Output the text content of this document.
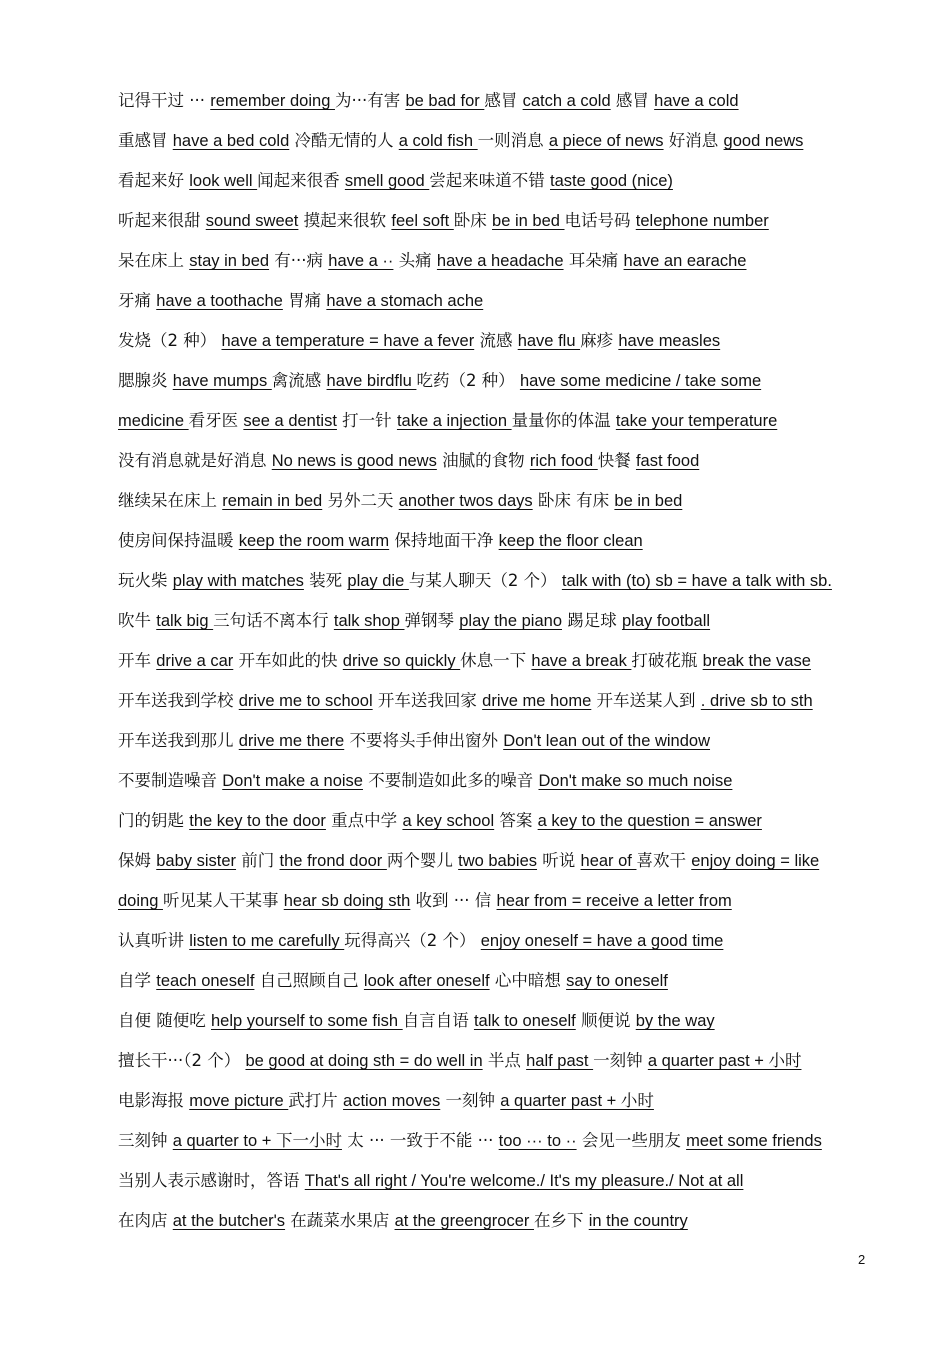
记得干过 ··· remember doing 为···有害 be bad for 感冒 catch a cold 感冒 have a cold
重感冒 have a bed cold 冷酷无情的人 a cold fish 一则消息 a piece of news 好消息 good news
看起来好 look well 闻起来很香 smell good 尝起来味道不错 taste good (nice)
听起来很甜 sound sweet 摸起来很软 feel soft 卧床 be in bed 电话号码 telephone number
呆在床上 stay in bed 有···病 have a ·· 头痛 have a headache 耳朵痛 have an earache
牙痛 have a toothache 胃痛 have a stomach ache
发烧（2 种） have a temperature = have a fever 流感 have flu 麻疹 have measles
腮腺炎 have mumps 禽流感 have birdflu 吃药（2 种） have some medicine / take some
medicine 看牙医 see a dentist 打一针 take a injection 量量你的体温 take your temperature
没有消息就是好消息 No news is good news 油腻的食物 rich food 快餐 fast food
继续呆在床上 remain in bed 另外二天 another twos days 卧床 有床 be in bed
使房间保持温暖 keep the room warm 保持地面干净 keep the floor clean
玩火柴 play with matches 装死 play die 与某人聊天（2 个） talk with (to) sb = have a talk with sb.
吹牛 talk big 三句话不离本行 talk shop 弹钢琴 play the piano 踢足球 play football
开车 drive a car 开车如此的快 drive so quickly 休息一下 have a break 打破花瓶 break the vase
开车送我到学校 drive me to school 开车送我回家 drive me home 开车送某人到 . drive sb to sth
开车送我到那儿 drive me there 不要将头手伸出窗外 Don't lean out of the window
不要制造噪音 Don't make a noise 不要制造如此多的噪音 Don't make so much noise
门的钥匙 the key to the door 重点中学 a key school 答案 a key to the question = answer
保姆 baby sister 前门 the frond door 两个婴儿 two babies 听说 hear of 喜欢干 enjoy doing = like
doing 听见某人干某事 hear sb doing sth 收到 ··· 信 hear from = receive a letter from
认真听讲 listen to me carefully 玩得高兴（2 个） enjoy oneself = have a good time
自学 teach oneself 自己照顾自己 look after oneself 心中暗想 say to oneself
自便 随便吃 help yourself to some fish 自言自语 talk to oneself 顺便说 by the way
擅长干···（2 个） be good at doing sth = do well in 半点 half past 一刻钟 a quarter past + 小时
电影海报 move picture 武打片 action moves 一刻钟 a quarter past + 小时
三刻钟 a quarter to + 下一小时 太 ··· 一致于不能 ··· too ··· to ·· 会见一些朋友 meet some friends
当别人表示感谢时，答语 That's all right / You're welcome./ It's my pleasure./ Not at all
在肉店 at the butcher's 在蔬菜水果店 at the greengrocer 在乡下 in the country
2
